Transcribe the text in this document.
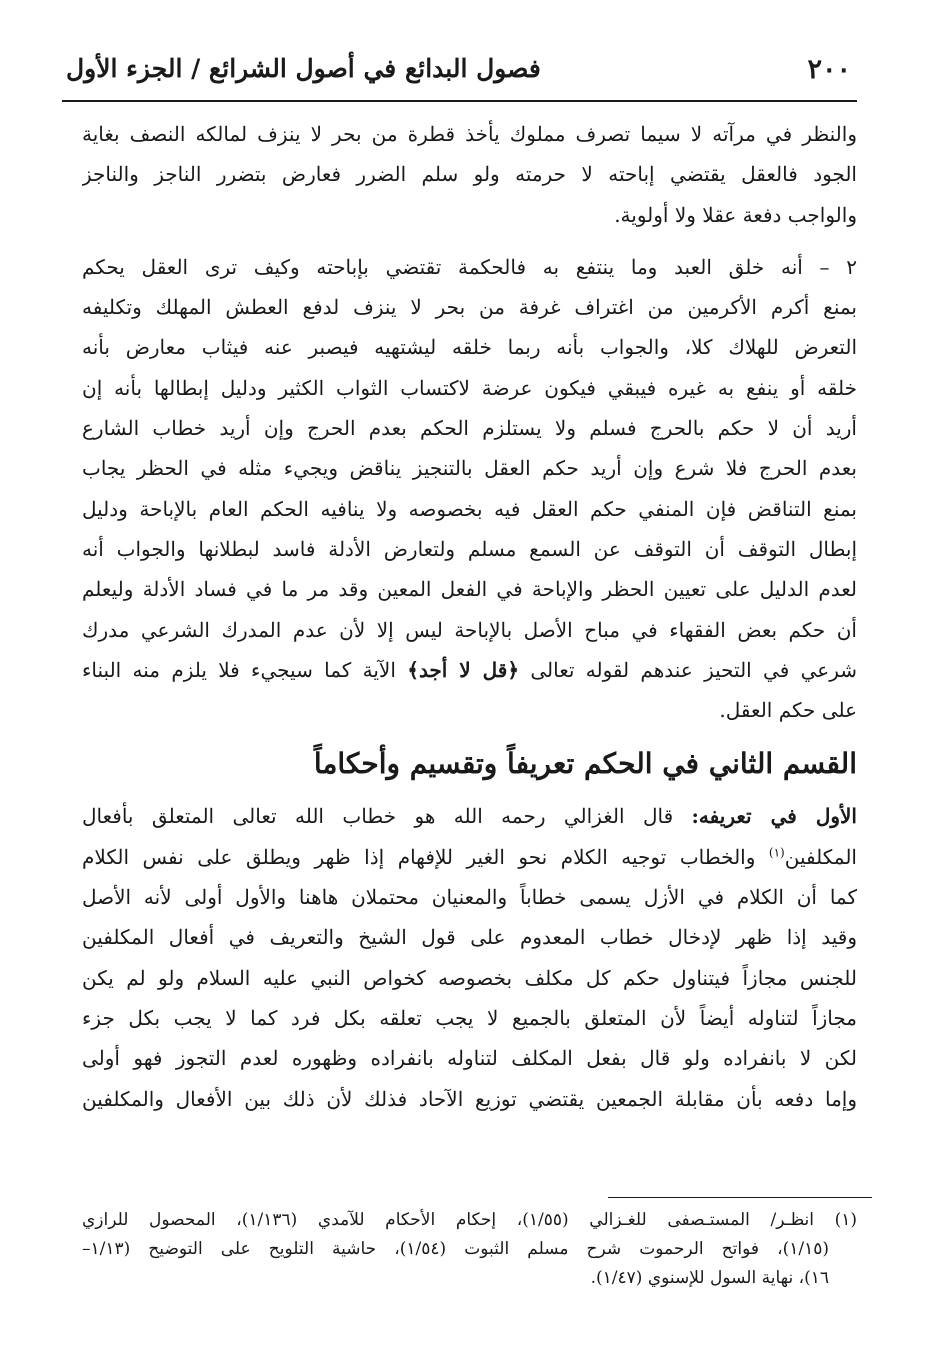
٢٠٠
فصول البدائع في أصول الشرائع / الجزء الأول
والنظر في مرآته لا سيما تصرف مملوك يأخذ قطرة من بحر لا ينزف لمالكه النصف بغاية
الجود فالعقل يقتضي إباحته لا حرمته ولو سلم الضرر فعارض بتضرر الناجز والناجز
والواجب دفعة عقلا ولا أولوية.
٢ – أنه خلق العبد وما ينتفع به فالحكمة تقتضي بإباحته وكيف ترى العقل يحكم
بمنع أكرم الأكرمين من اغتراف غرفة من بحر لا ينزف لدفع العطش المهلك وتكليفه
التعرض للهلاك كلا، والجواب بأنه ربما خلقه ليشتهيه فيصبر عنه فيثاب معارض بأنه
خلقه أو ينفع به غيره فيبقي فيكون عرضة لاكتساب الثواب الكثير ودليل إبطالها بأنه إن
أريد أن لا حكم بالحرج فسلم ولا يستلزم الحكم بعدم الحرج وإن أريد خطاب الشارع
بعدم الحرج فلا شرع وإن أريد حكم العقل بالتنجيز يناقض ويجيء مثله في الحظر يجاب
بمنع التناقض فإن المنفي حكم العقل فيه بخصوصه ولا ينافيه الحكم العام بالإباحة ودليل
إبطال التوقف أن التوقف عن السمع مسلم ولتعارض الأدلة فاسد لبطلانها والجواب أنه
لعدم الدليل على تعيين الحظر والإباحة في الفعل المعين وقد مر ما في فساد الأدلة وليعلم
أن حكم بعض الفقهاء في مباح الأصل بالإباحة ليس إلا لأن عدم المدرك الشرعي مدرك
شرعي في التحيز عندهم لقوله تعالى ﴿قل لا أجد﴾ الآية كما سيجيء فلا يلزم منه البناء
على حكم العقل.
القسم الثاني في الحكم تعريفاً وتقسيم وأحكاماً
الأول في تعريفه: قال الغزالي رحمه الله هو خطاب الله تعالى المتعلق بأفعال
المكلفين$^{(١)}$ والخطاب توجيه الكلام نحو الغير للإفهام إذا ظهر ويطلق على نفس الكلام
كما أن الكلام في الأزل يسمى خطاباً والمعنيان محتملان هاهنا والأول أولى لأنه الأصل
وقيد إذا ظهر لإدخال خطاب المعدوم على قول الشيخ والتعريف في أفعال المكلفين
للجنس مجازاً فيتناول حكم كل مكلف بخصوصه كخواص النبي عليه السلام ولو لم يكن
مجازاً لتناوله أيضاً لأن المتعلق بالجميع لا يجب تعلقه بكل فرد كما لا يجب بكل جزء
لكن لا بانفراده ولو قال بفعل المكلف لتناوله بانفراده وظهوره لعدم التجوز فهو أولى
وإما دفعه بأن مقابلة الجمعين يقتضي توزيع الآحاد فذلك لأن ذلك بين الأفعال والمكلفين
(١) انظـر/ المستـصفى للغـزالي (١/٥٥)، إحكام الأحكام للآمدي (١/١٣٦)، المحصول للرازي
(١/١٥)، فواتح الرحموت شرح مسلم الثبوت (١/٥٤)، حاشية التلويح على التوضيح (١/١٣–
١٦)، نهاية السول للإسنوي (١/٤٧).
